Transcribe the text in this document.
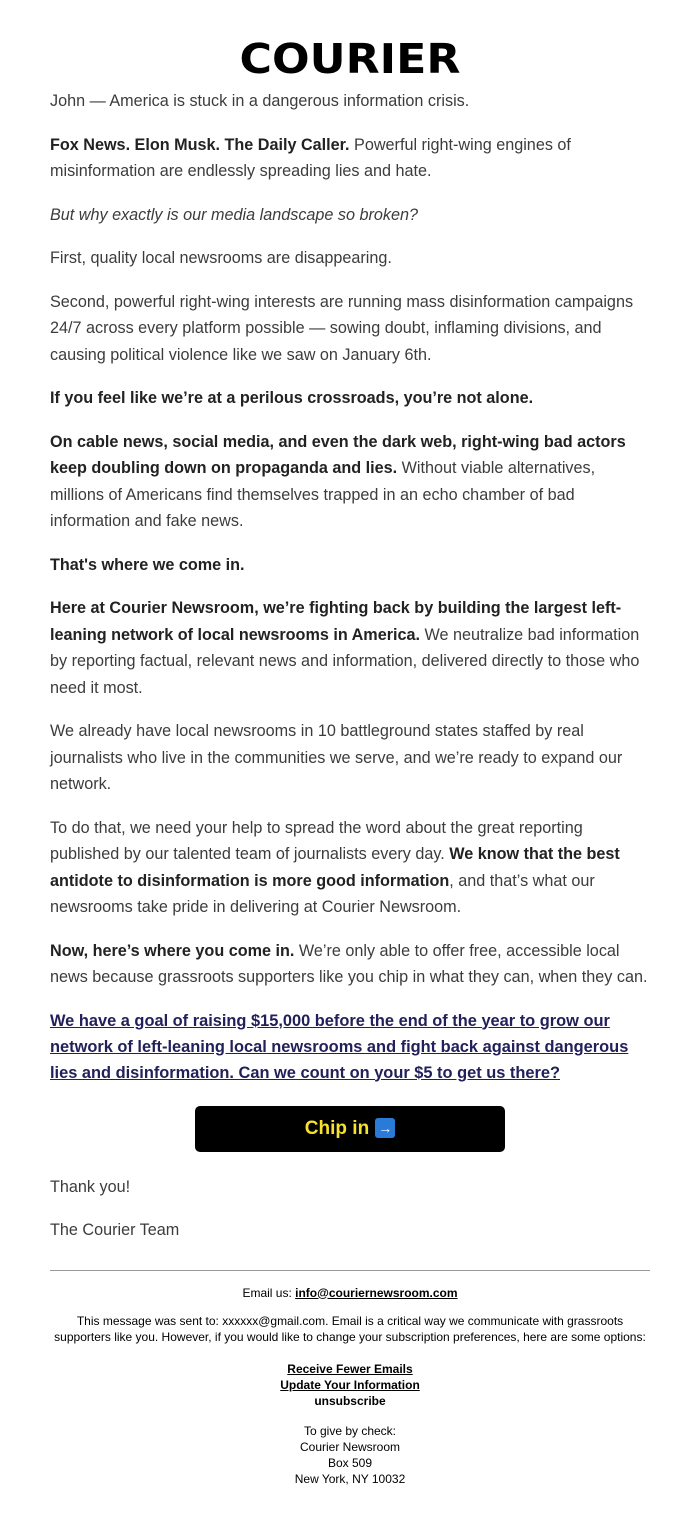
COURIER

John — America is stuck in a dangerous information crisis.

Fox News. Elon Musk. The Daily Caller. Powerful right-wing engines of misinformation are endlessly spreading lies and hate.

But why exactly is our media landscape so broken?

First, quality local newsrooms are disappearing.

Second, powerful right-wing interests are running mass disinformation campaigns 24/7 across every platform possible — sowing doubt, inflaming divisions, and causing political violence like we saw on January 6th.

If you feel like we’re at a perilous crossroads, you’re not alone.

On cable news, social media, and even the dark web, right-wing bad actors keep doubling down on propaganda and lies. Without viable alternatives, millions of Americans find themselves trapped in an echo chamber of bad information and fake news.

That's where we come in.

Here at Courier Newsroom, we’re fighting back by building the largest left-leaning network of local newsrooms in America. We neutralize bad information by reporting factual, relevant news and information, delivered directly to those who need it most.

We already have local newsrooms in 10 battleground states staffed by real journalists who live in the communities we serve, and we’re ready to expand our network.

To do that, we need your help to spread the word about the great reporting published by our talented team of journalists every day. We know that the best antidote to disinformation is more good information, and that’s what our newsrooms take pride in delivering at Courier Newsroom.

Now, here’s where you come in. We’re only able to offer free, accessible local news because grassroots supporters like you chip in what they can, when they can.

We have a goal of raising $15,000 before the end of the year to grow our network of left-leaning local newsrooms and fight back against dangerous lies and disinformation. Can we count on your $5 to get us there?

Chip in →

Thank you!

The Courier Team

Email us: info@couriernewsroom.com

This message was sent to: xxxxxx@gmail.com. Email is a critical way we communicate with grassroots supporters like you. However, if you would like to change your subscription preferences, here are some options:

Receive Fewer Emails
Update Your Information
unsubscribe
To give by check:
Courier Newsroom
Box 509
New York, NY 10032
